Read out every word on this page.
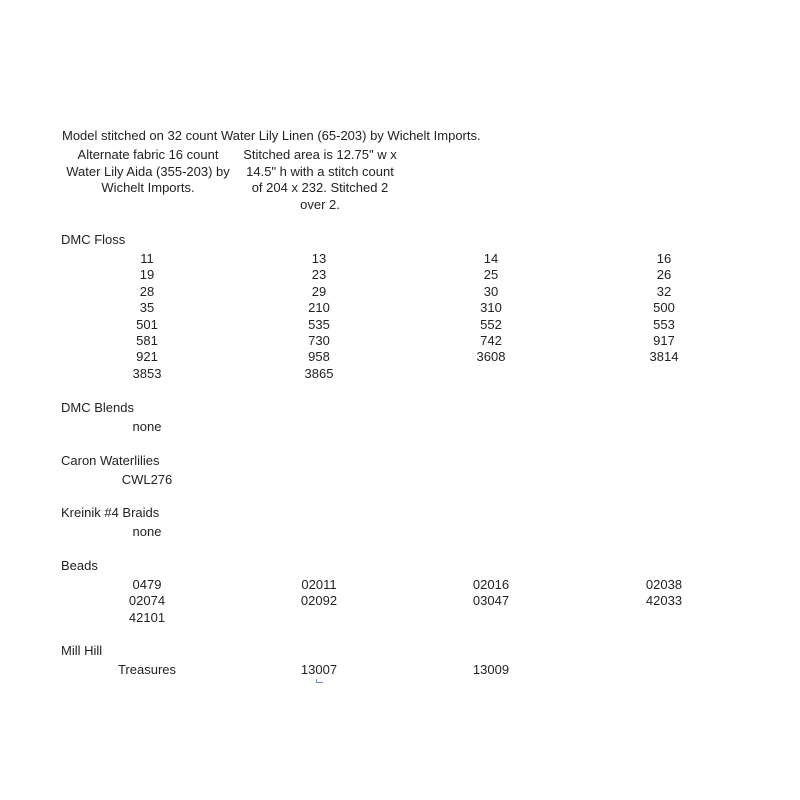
Model stitched on 32 count Water Lily Linen (65-203) by Wichelt Imports.
Alternate fabric 16 count
Water Lily Aida (355-203) by
Wichelt Imports.
Stitched area is 12.75" w x
14.5" h with a stitch count
of 204 x 232. Stitched 2
over 2.
DMC Floss
11	13	14	16
19	23	25	26
28	29	30	32
35	210	310	500
501	535	552	553
581	730	742	917
921	958	3608	3814
3853	3865
DMC Blends
none
Caron Waterlilies
CWL276
Kreinik #4 Braids
none
Beads
0479	02011	02016	02038
02074	02092	03047	42033
42101
Mill Hill
Treasures	13007	13009
